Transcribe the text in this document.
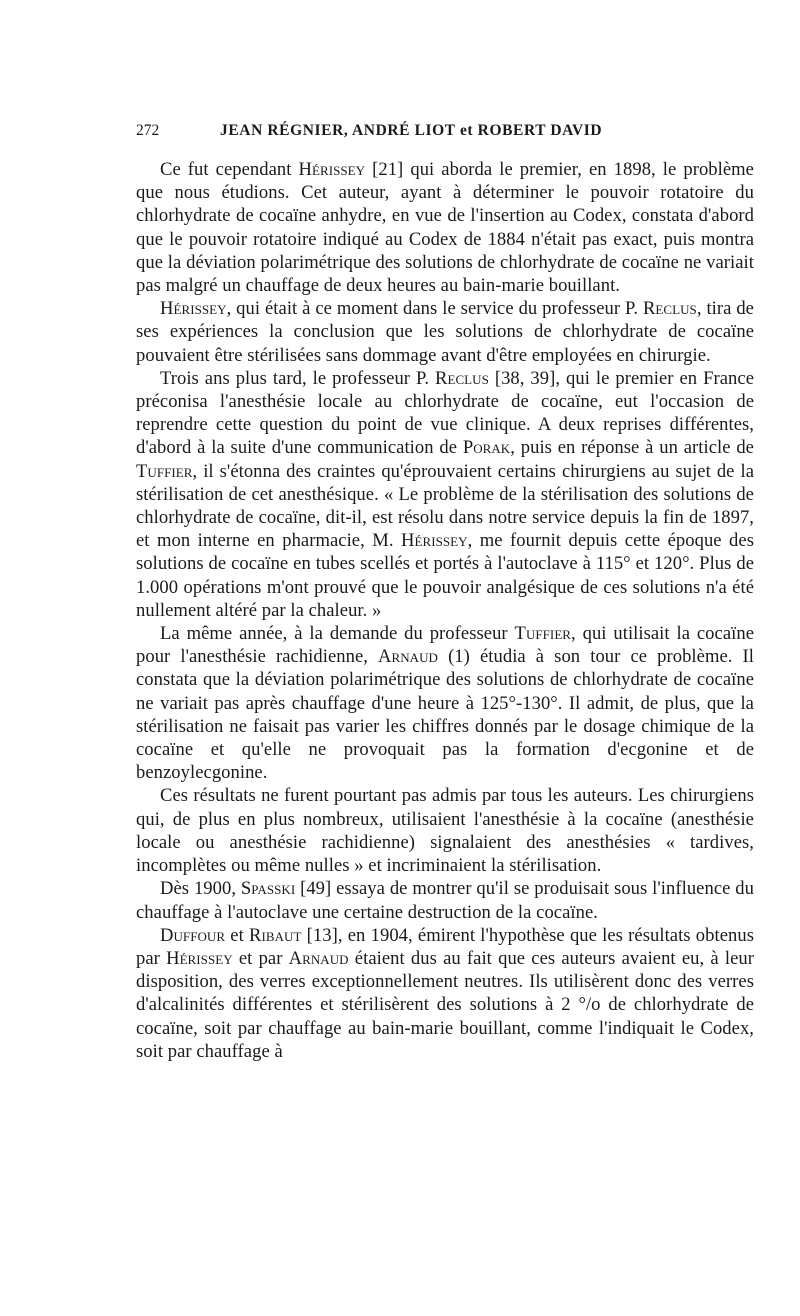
272	JEAN RÉGNIER, ANDRÉ LIOT et ROBERT DAVID

Ce fut cependant Hérissey [21] qui aborda le premier, en 1898, le problème que nous étudions. Cet auteur, ayant à déterminer le pouvoir rotatoire du chlorhydrate de cocaïne anhydre, en vue de l'insertion au Codex, constata d'abord que le pouvoir rotatoire indiqué au Codex de 1884 n'était pas exact, puis montra que la déviation polarimétrique des solutions de chlorhydrate de cocaïne ne variait pas malgré un chauffage de deux heures au bain-marie bouillant.

Hérissey, qui était à ce moment dans le service du professeur P. Reclus, tira de ses expériences la conclusion que les solutions de chlorhydrate de cocaïne pouvaient être stérilisées sans dommage avant d'être employées en chirurgie.

Trois ans plus tard, le professeur P. Reclus [38, 39], qui le premier en France préconisa l'anesthésie locale au chlorhydrate de cocaïne, eut l'occasion de reprendre cette question du point de vue clinique. A deux reprises différentes, d'abord à la suite d'une communication de Porak, puis en réponse à un article de Tuffier, il s'étonna des craintes qu'éprouvaient certains chirurgiens au sujet de la stérilisation de cet anesthésique. « Le problème de la stérilisation des solutions de chlorhydrate de cocaïne, dit-il, est résolu dans notre service depuis la fin de 1897, et mon interne en pharmacie, M. Hérissey, me fournit depuis cette époque des solutions de cocaïne en tubes scellés et portés à l'autoclave à 115° et 120°. Plus de 1.000 opérations m'ont prouvé que le pouvoir analgésique de ces solutions n'a été nullement altéré par la chaleur. »

La même année, à la demande du professeur Tuffier, qui utilisait la cocaïne pour l'anesthésie rachidienne, Arnaud (1) étudia à son tour ce problème. Il constata que la déviation polarimétrique des solutions de chlorhydrate de cocaïne ne variait pas après chauffage d'une heure à 125°-130°. Il admit, de plus, que la stérilisation ne faisait pas varier les chiffres donnés par le dosage chimique de la cocaïne et qu'elle ne provoquait pas la formation d'ecgonine et de benzoylecgonine.

Ces résultats ne furent pourtant pas admis par tous les auteurs. Les chirurgiens qui, de plus en plus nombreux, utilisaient l'anesthésie à la cocaïne (anesthésie locale ou anesthésie rachidienne) signalaient des anesthésies « tardives, incomplètes ou même nulles » et incriminaient la stérilisation.

Dès 1900, Spasski [49] essaya de montrer qu'il se produisait sous l'influence du chauffage à l'autoclave une certaine destruction de la cocaïne.

Duffour et Ribaut [13], en 1904, émirent l'hypothèse que les résultats obtenus par Hérissey et par Arnaud étaient dus au fait que ces auteurs avaient eu, à leur disposition, des verres exceptionnellement neutres. Ils utilisèrent donc des verres d'alcalinités différentes et stérilisèrent des solutions à 2 °/o de chlorhydrate de cocaïne, soit par chauffage au bain-marie bouillant, comme l'indiquait le Codex, soit par chauffage à
